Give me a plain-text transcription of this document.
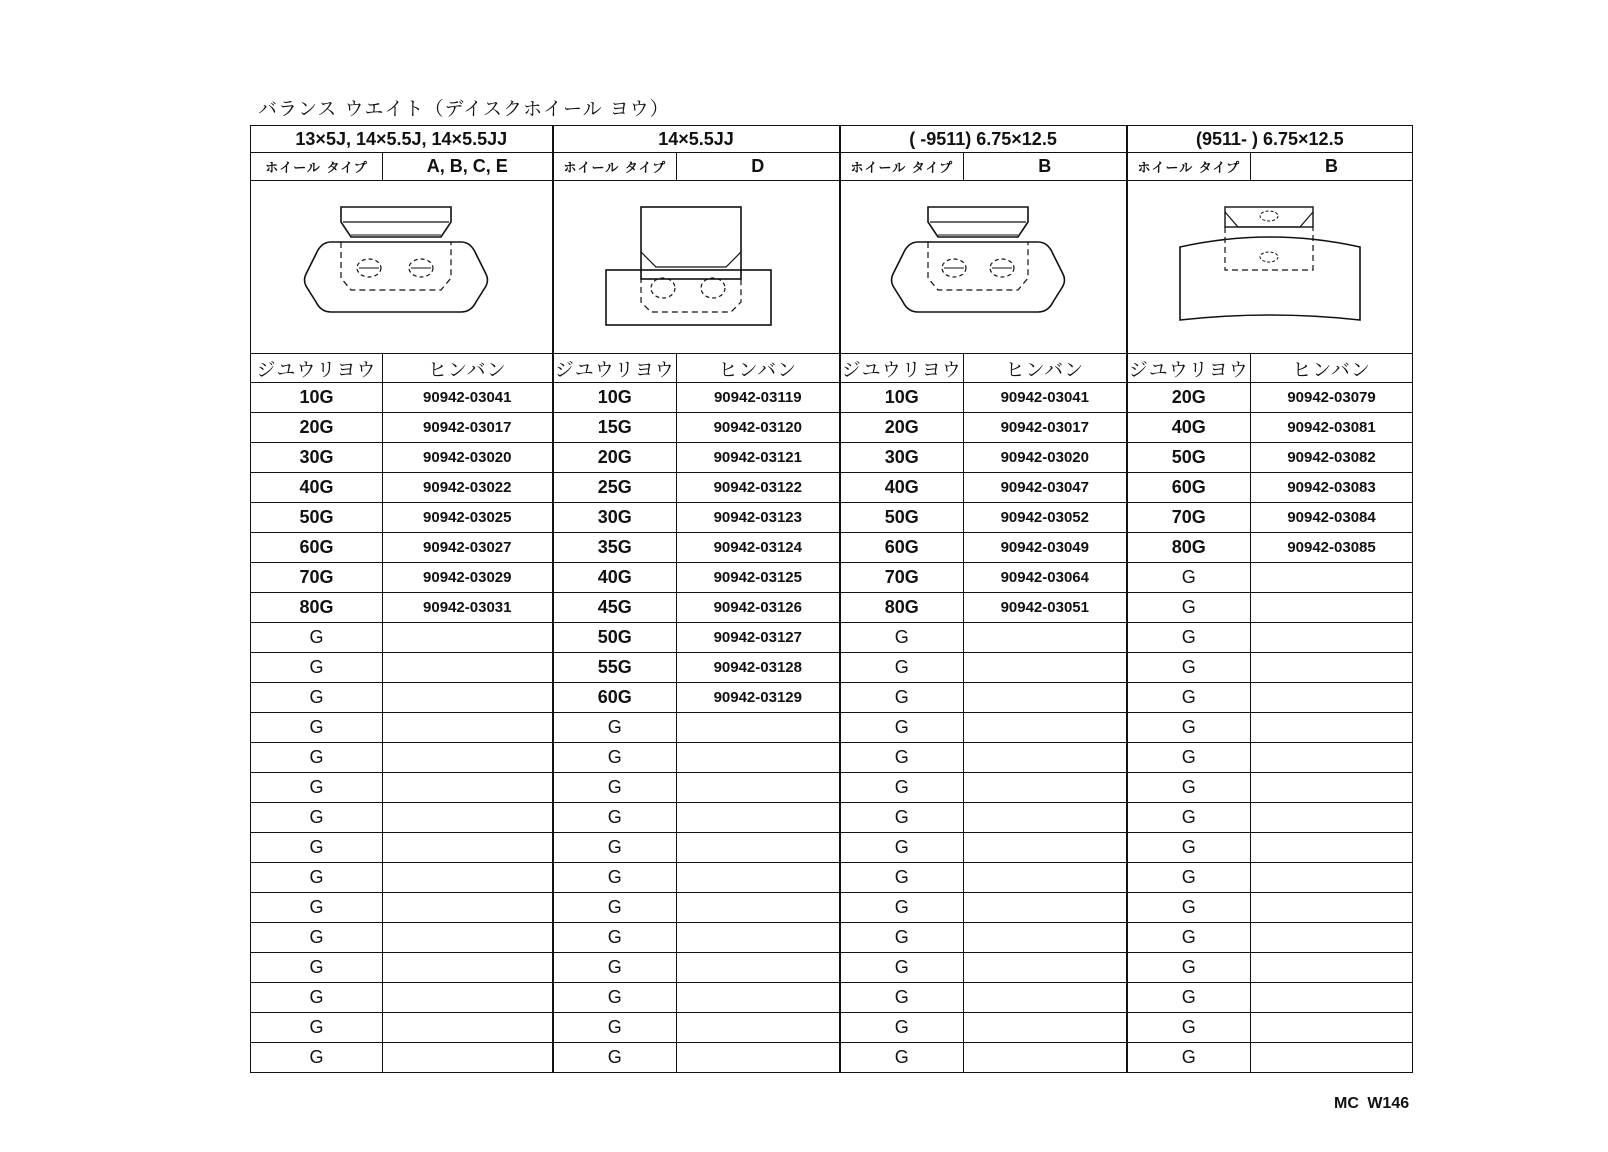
バランス ウエイト（デイスクホイール ヨウ）
13×5J, 14×5.5J, 14×5.5JJ		14×5.5JJ		( -9511) 6.75×12.5		(9511- ) 6.75×12.5	
ホイール タイプ	A, B, C, E	ホイール タイプ	D	ホイール タイプ	B	ホイール タイプ	B

ジユウリヨウ	ヒンバン	ジユウリヨウ	ヒンバン	ジユウリヨウ	ヒンバン	ジユウリヨウ	ヒンバン
10G	90942-03041	10G	90942-03119	10G	90942-03041	20G	90942-03079
20G	90942-03017	15G	90942-03120	20G	90942-03017	40G	90942-03081
30G	90942-03020	20G	90942-03121	30G	90942-03020	50G	90942-03082
40G	90942-03022	25G	90942-03122	40G	90942-03047	60G	90942-03083
50G	90942-03025	30G	90942-03123	50G	90942-03052	70G	90942-03084
60G	90942-03027	35G	90942-03124	60G	90942-03049	80G	90942-03085
70G	90942-03029	40G	90942-03125	70G	90942-03064	G	
80G	90942-03031	45G	90942-03126	80G	90942-03051	G	
G		50G	90942-03127	G		G	
G		55G	90942-03128	G		G	
G		60G	90942-03129	G		G	
G		G		G		G	
G		G		G		G	
G		G		G		G	
G		G		G		G	
G		G		G		G	
G		G		G		G	
G		G		G		G	
G		G		G		G	
G		G		G		G	
G		G		G		G	
G		G		G		G	
G		G		G		G	
MC W146
